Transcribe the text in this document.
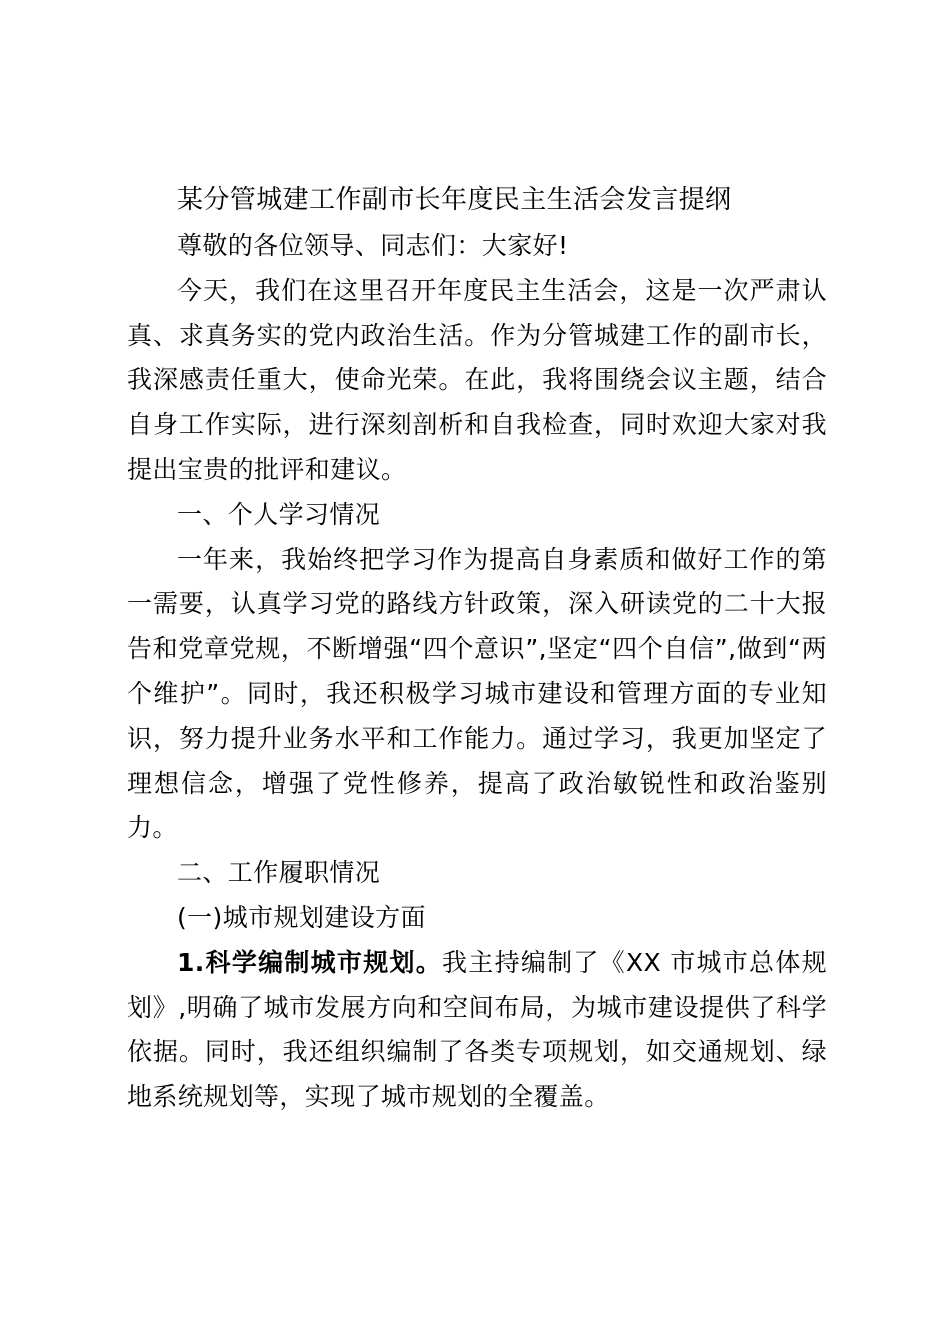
某分管城建工作副市长年度民主生活会发言提纲

尊敬的各位领导、同志们：大家好!

今天，我们在这里召开年度民主生活会，这是一次严肃认真、求真务实的党内政治生活。作为分管城建工作的副市长，我深感责任重大，使命光荣。在此，我将围绕会议主题，结合自身工作实际，进行深刻剖析和自我检查，同时欢迎大家对我提出宝贵的批评和建议。

一、个人学习情况

一年来，我始终把学习作为提高自身素质和做好工作的第一需要，认真学习党的路线方针政策，深入研读党的二十大报告和党章党规，不断增强“四个意识”,坚定“四个自信”,做到“两个维护”。同时，我还积极学习城市建设和管理方面的专业知识，努力提升业务水平和工作能力。通过学习，我更加坚定了理想信念，增强了党性修养，提高了政治敏锐性和政治鉴别力。

二、工作履职情况

(一)城市规划建设方面

1.科学编制城市规划。我主持编制了《XX 市城市总体规划》,明确了城市发展方向和空间布局，为城市建设提供了科学依据。同时，我还组织编制了各类专项规划，如交通规划、绿地系统规划等，实现了城市规划的全覆盖。
